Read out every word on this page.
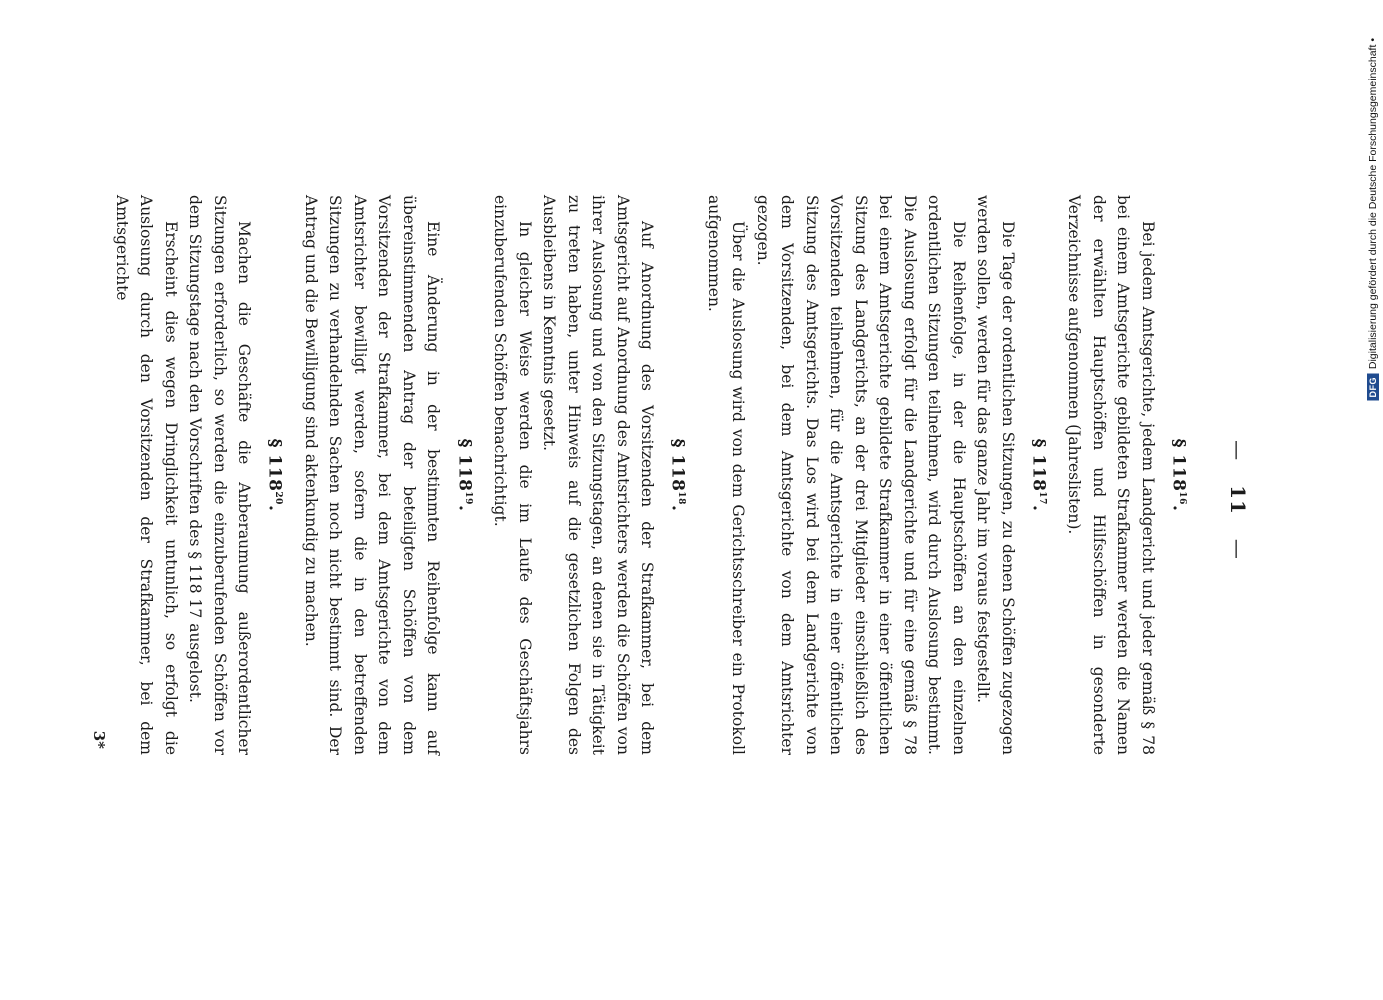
— 11 —
§ $118^{16}$.

Bei jedem Amtsgerichte, jedem Landgericht und jeder gemäß § 78 bei einem Amtsgerichte gebildeten Strafkammer werden die Namen der erwählten Hauptschöffen und Hilfsschöffen in gesonderte Verzeichnisse aufgenommen (Jahreslisten).

§ $118^{17}$.

Die Tage der ordentlichen Sitzungen, zu denen Schöffen zugezogen werden sollen, werden für das ganze Jahr im voraus festgestellt.

Die Reihenfolge, in der die Hauptschöffen an den einzelnen ordentlichen Sitzungen teilnehmen, wird durch Auslosung bestimmt. Die Auslosung erfolgt für die Landgerichte und für eine gemäß § 78 bei einem Amtsgerichte gebildete Strafkammer in einer öffentlichen Sitzung des Landgerichts, an der drei Mitglieder einschließlich des Vorsitzenden teilnehmen, für die Amtsgerichte in einer öffentlichen Sitzung des Amtsgerichts. Das Los wird bei dem Landgerichte von dem Vorsitzenden, bei dem Amtsgerichte von dem Amtsrichter gezogen.

Über die Auslosung wird von dem Gerichtsschreiber ein Protokoll aufgenommen.

§ $118^{18}$.

Auf Anordnung des Vorsitzenden der Strafkammer, bei dem Amtsgericht auf Anordnung des Amtsrichters werden die Schöffen von ihrer Auslosung und von den Sitzungstagen, an denen sie in Tätigkeit zu treten haben, unter Hinweis auf die gesetzlichen Folgen des Ausbleibens in Kenntnis gesetzt.

In gleicher Weise werden die im Laufe des Geschäftsjahrs einzuberufenden Schöffen benachrichtigt.

§ $118^{19}$.

Eine Änderung in der bestimmten Reihenfolge kann auf übereinstimmenden Antrag der beteiligten Schöffen von dem Vorsitzenden der Strafkammer, bei dem Amtsgerichte von dem Amtsrichter bewilligt werden, sofern die in den betreffenden Sitzungen zu verhandelnden Sachen noch nicht bestimmt sind. Der Antrag und die Bewilligung sind aktenkundig zu machen.

§ $118^{20}$.

Machen die Geschäfte die Anberaumung außerordentlicher Sitzungen erforderlich, so werden die einzuberufenden Schöffen vor dem Sitzungstage nach den Vorschriften des § 118 17 ausgelost.

Erscheint dies wegen Dringlichkeit untunlich, so erfolgt die Auslosung durch den Vorsitzenden der Strafkammer, bei dem Amtsgerichte

3*
DFG
Digitalisierung gefördert durch die Deutsche Forschungsgemeinschaft •
